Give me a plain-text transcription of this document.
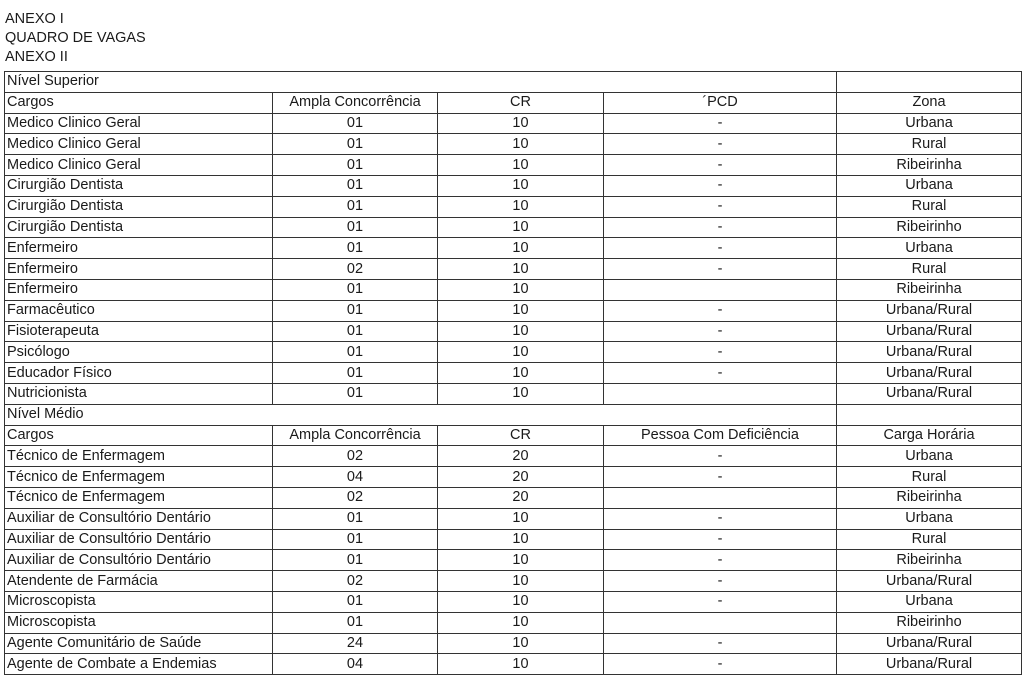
ANEXO I
QUADRO DE VAGAS
ANEXO II
Nível Superior				
Cargos	Ampla Concorrência	CR	´PCD	Zona
Medico Clinico Geral	01	10	-	Urbana
Medico Clinico Geral	01	10	-	Rural
Medico Clinico Geral	01	10	-	Ribeirinha
Cirurgião Dentista	01	10	-	Urbana
Cirurgião Dentista	01	10	-	Rural
Cirurgião Dentista	01	10	-	Ribeirinho
Enfermeiro	01	10	-	Urbana
Enfermeiro	02	10	-	Rural
Enfermeiro	01	10		Ribeirinha
Farmacêutico	01	10	-	Urbana/Rural
Fisioterapeuta	01	10	-	Urbana/Rural
Psicólogo	01	10	-	Urbana/Rural
Educador Físico	01	10	-	Urbana/Rural
Nutricionista	01	10		Urbana/Rural
Nível Médio				
Cargos	Ampla Concorrência	CR	Pessoa Com Deficiência	Carga Horária
Técnico de Enfermagem	02	20	-	Urbana
Técnico de Enfermagem	04	20	-	Rural
Técnico de Enfermagem	02	20		Ribeirinha
Auxiliar de Consultório Dentário	01	10	-	Urbana
Auxiliar de Consultório Dentário	01	10	-	Rural
Auxiliar de Consultório Dentário	01	10	-	Ribeirinha
Atendente de Farmácia	02	10	-	Urbana/Rural
Microscopista	01	10	-	Urbana
Microscopista	01	10		Ribeirinho
Agente Comunitário de Saúde	24	10	-	Urbana/Rural
Agente de Combate a Endemias	04	10	-	Urbana/Rural
